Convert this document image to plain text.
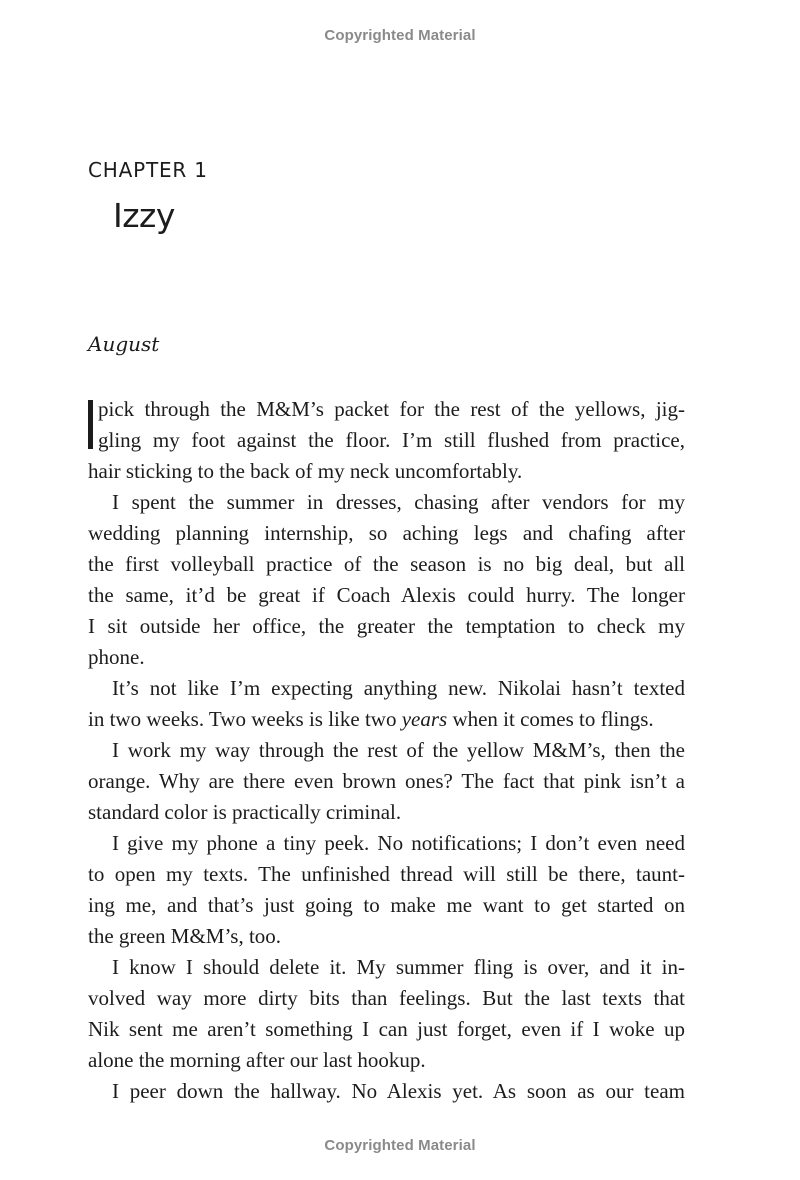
Copyrighted Material
CHAPTER 1
Izzy
August
pick through the M&M’s packet for the rest of the yellows, jig-
gling my foot against the floor. I’m still flushed from practice,
hair sticking to the back of my neck uncomfortably.
I spent the summer in dresses, chasing after vendors for my
wedding planning internship, so aching legs and chafing after
the first volleyball practice of the season is no big deal, but all
the same, it’d be great if Coach Alexis could hurry. The longer
I sit outside her office, the greater the temptation to check my
phone.
It’s not like I’m expecting anything new. Nikolai hasn’t texted
in two weeks. Two weeks is like two years when it comes to flings.
I work my way through the rest of the yellow M&M’s, then the
orange. Why are there even brown ones? The fact that pink isn’t a
standard color is practically criminal.
I give my phone a tiny peek. No notifications; I don’t even need
to open my texts. The unfinished thread will still be there, taunt-
ing me, and that’s just going to make me want to get started on
the green M&M’s, too.
I know I should delete it. My summer fling is over, and it in-
volved way more dirty bits than feelings. But the last texts that
Nik sent me aren’t something I can just forget, even if I woke up
alone the morning after our last hookup.
I peer down the hallway. No Alexis yet. As soon as our team
Copyrighted Material
